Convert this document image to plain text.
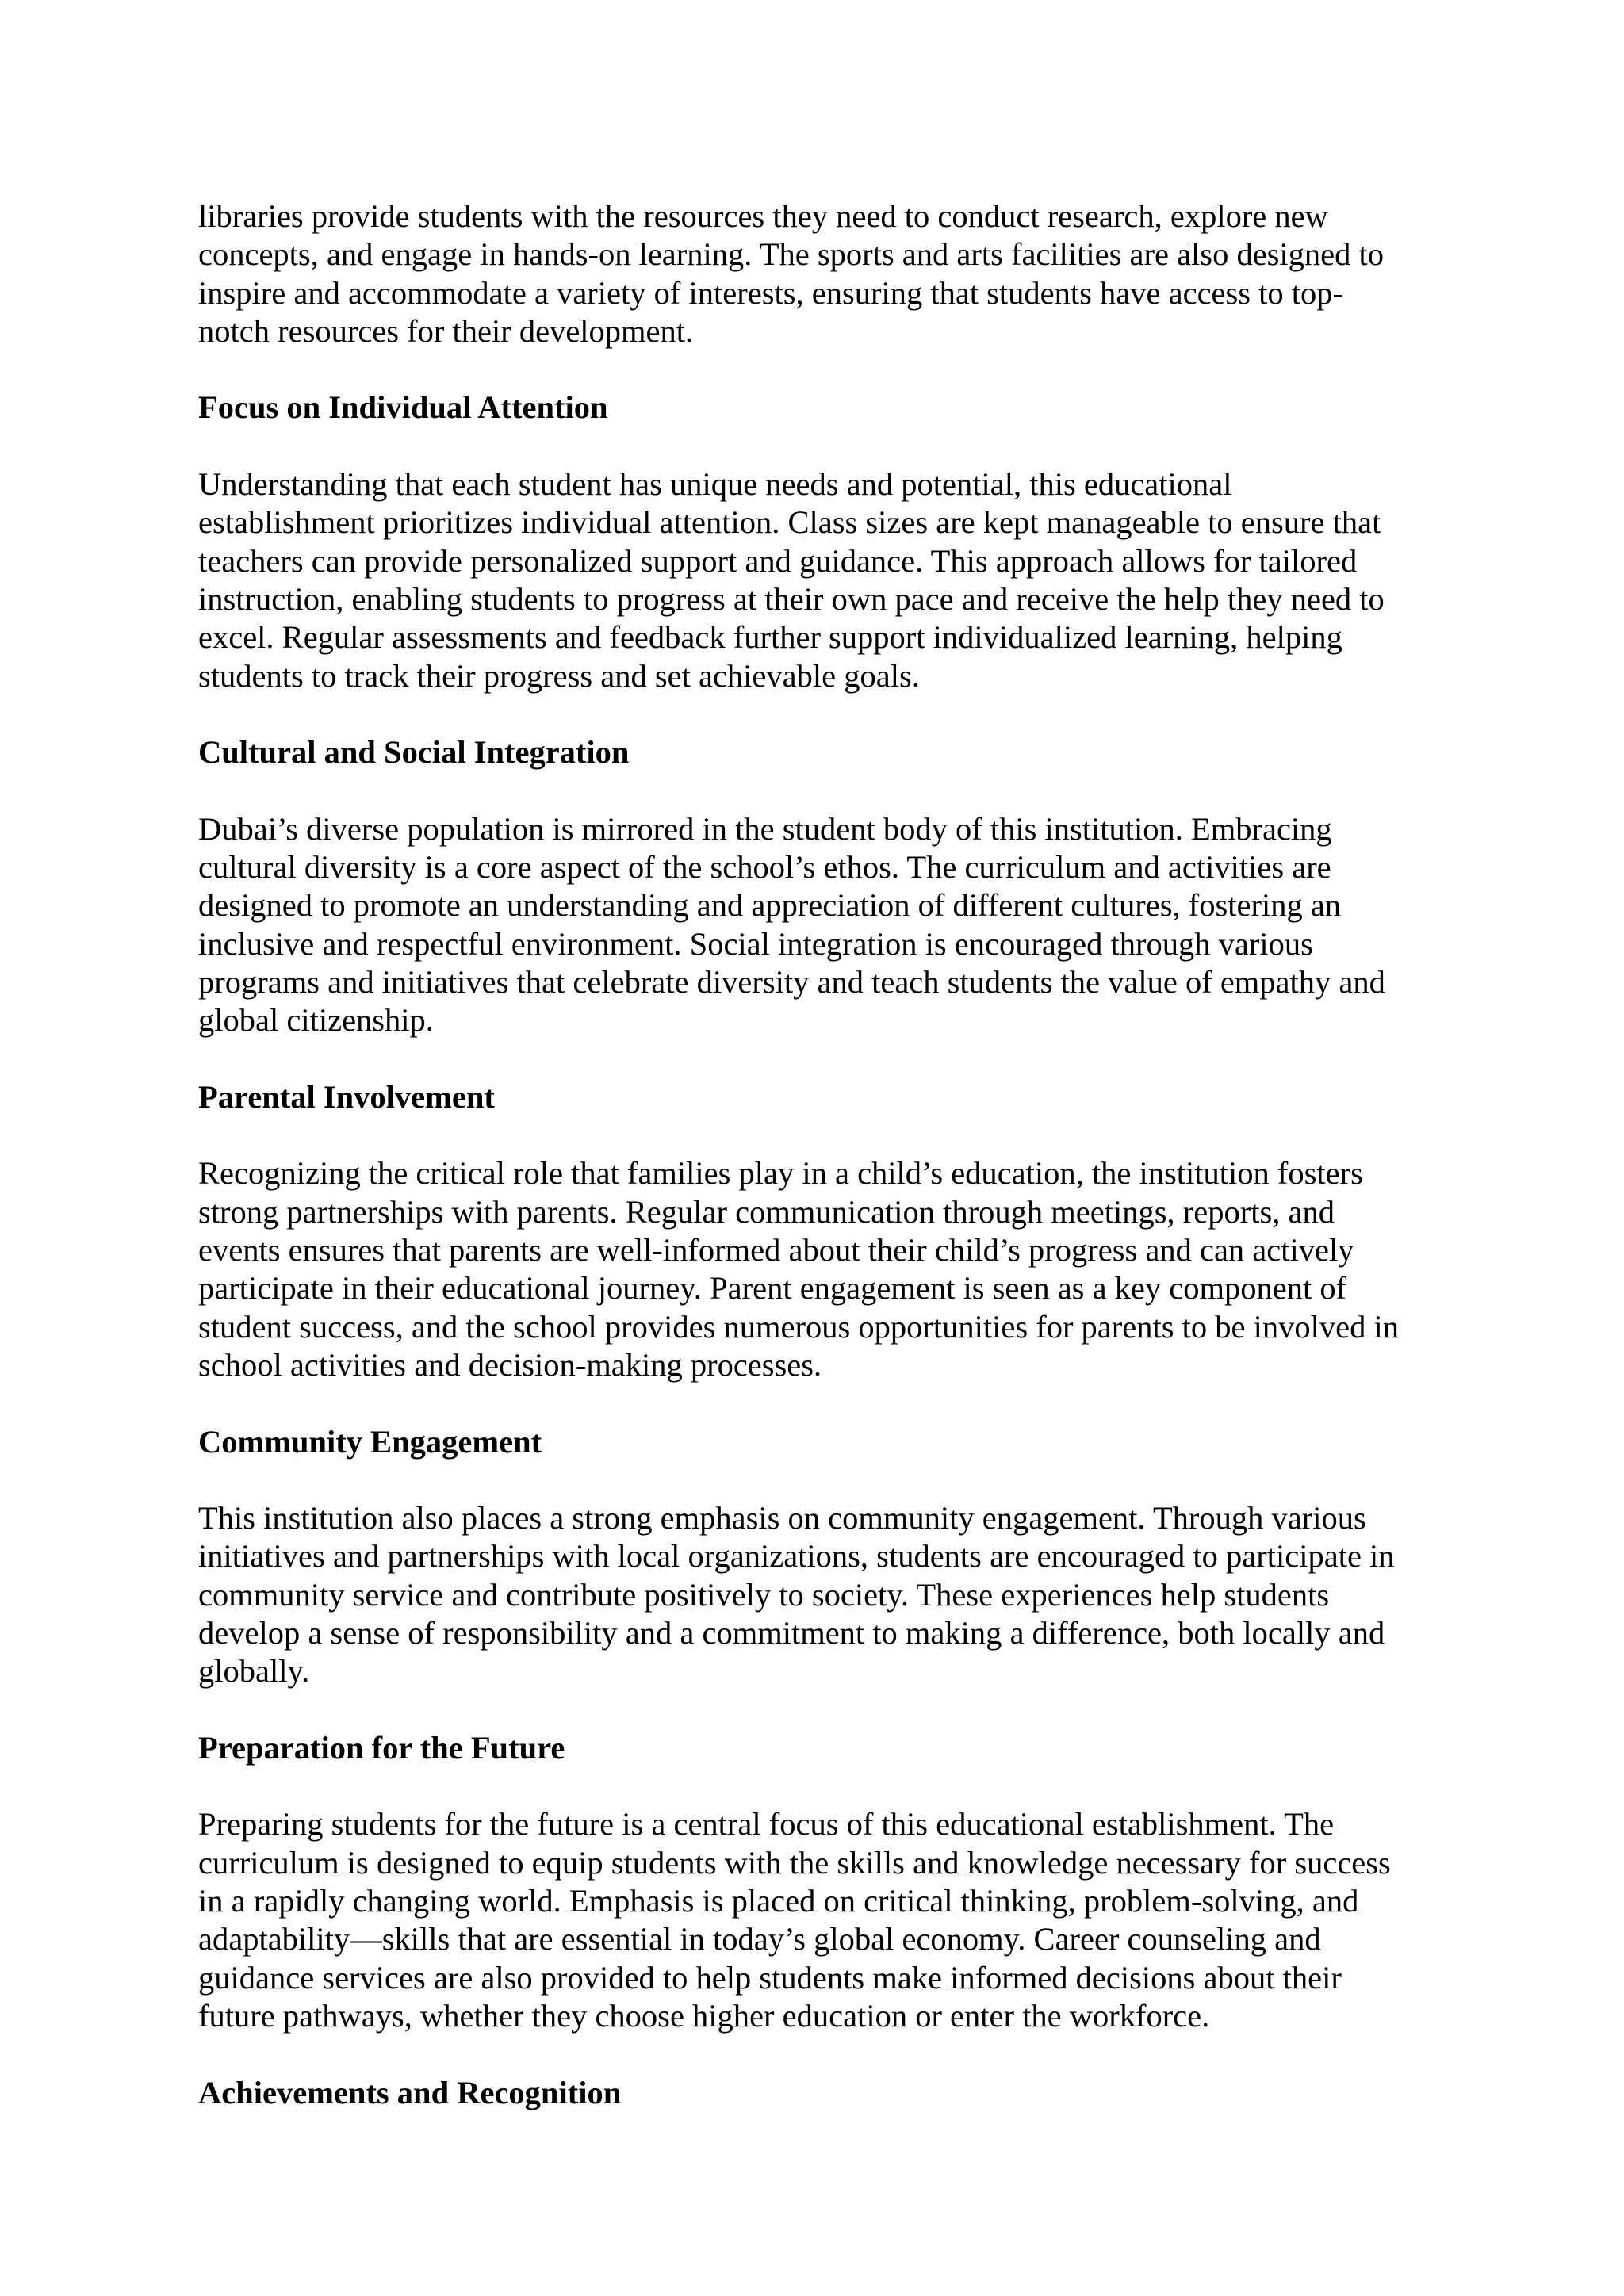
libraries provide students with the resources they need to conduct research, explore new
concepts, and engage in hands-on learning. The sports and arts facilities are also designed to
inspire and accommodate a variety of interests, ensuring that students have access to top-
notch resources for their development.

Focus on Individual Attention

Understanding that each student has unique needs and potential, this educational
establishment prioritizes individual attention. Class sizes are kept manageable to ensure that
teachers can provide personalized support and guidance. This approach allows for tailored
instruction, enabling students to progress at their own pace and receive the help they need to
excel. Regular assessments and feedback further support individualized learning, helping
students to track their progress and set achievable goals.

Cultural and Social Integration

Dubai’s diverse population is mirrored in the student body of this institution. Embracing
cultural diversity is a core aspect of the school’s ethos. The curriculum and activities are
designed to promote an understanding and appreciation of different cultures, fostering an
inclusive and respectful environment. Social integration is encouraged through various
programs and initiatives that celebrate diversity and teach students the value of empathy and
global citizenship.

Parental Involvement

Recognizing the critical role that families play in a child’s education, the institution fosters
strong partnerships with parents. Regular communication through meetings, reports, and
events ensures that parents are well-informed about their child’s progress and can actively
participate in their educational journey. Parent engagement is seen as a key component of
student success, and the school provides numerous opportunities for parents to be involved in
school activities and decision-making processes.

Community Engagement

This institution also places a strong emphasis on community engagement. Through various
initiatives and partnerships with local organizations, students are encouraged to participate in
community service and contribute positively to society. These experiences help students
develop a sense of responsibility and a commitment to making a difference, both locally and
globally.

Preparation for the Future

Preparing students for the future is a central focus of this educational establishment. The
curriculum is designed to equip students with the skills and knowledge necessary for success
in a rapidly changing world. Emphasis is placed on critical thinking, problem-solving, and
adaptability—skills that are essential in today’s global economy. Career counseling and
guidance services are also provided to help students make informed decisions about their
future pathways, whether they choose higher education or enter the workforce.

Achievements and Recognition
